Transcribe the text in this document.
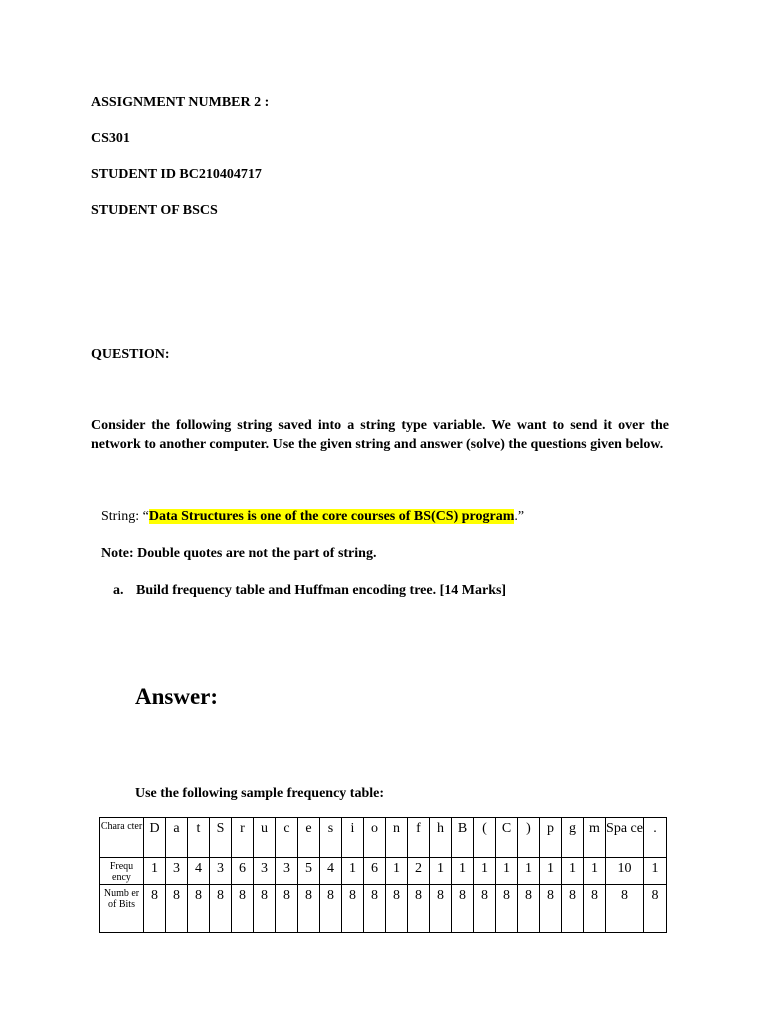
ASSIGNMENT NUMBER 2 :
CS301
STUDENT ID BC210404717
STUDENT OF BSCS
QUESTION:
Consider the following string saved into a string type variable. We want to send it over the network to another computer. Use the given string and answer (solve) the questions given below.
String: “Data Structures is one of the core courses of BS(CS) program.”
Note: Double quotes are not the part of string.
a. Build frequency table and Huffman encoding tree. [14 Marks]
Answer:
Use the following sample frequency table:
Chara cter	D	a	t	S	r	u	c	e	s	i	o	n	f	h	B	(	C	)	p	g	m	Spa ce	.
Frequ ency	1	3	4	3	6	3	3	5	4	1	6	1	2	1	1	1	1	1	1	1	1	10	1
Numb er of Bits	8	8	8	8	8	8	8	8	8	8	8	8	8	8	8	8	8	8	8	8	8	8	8
